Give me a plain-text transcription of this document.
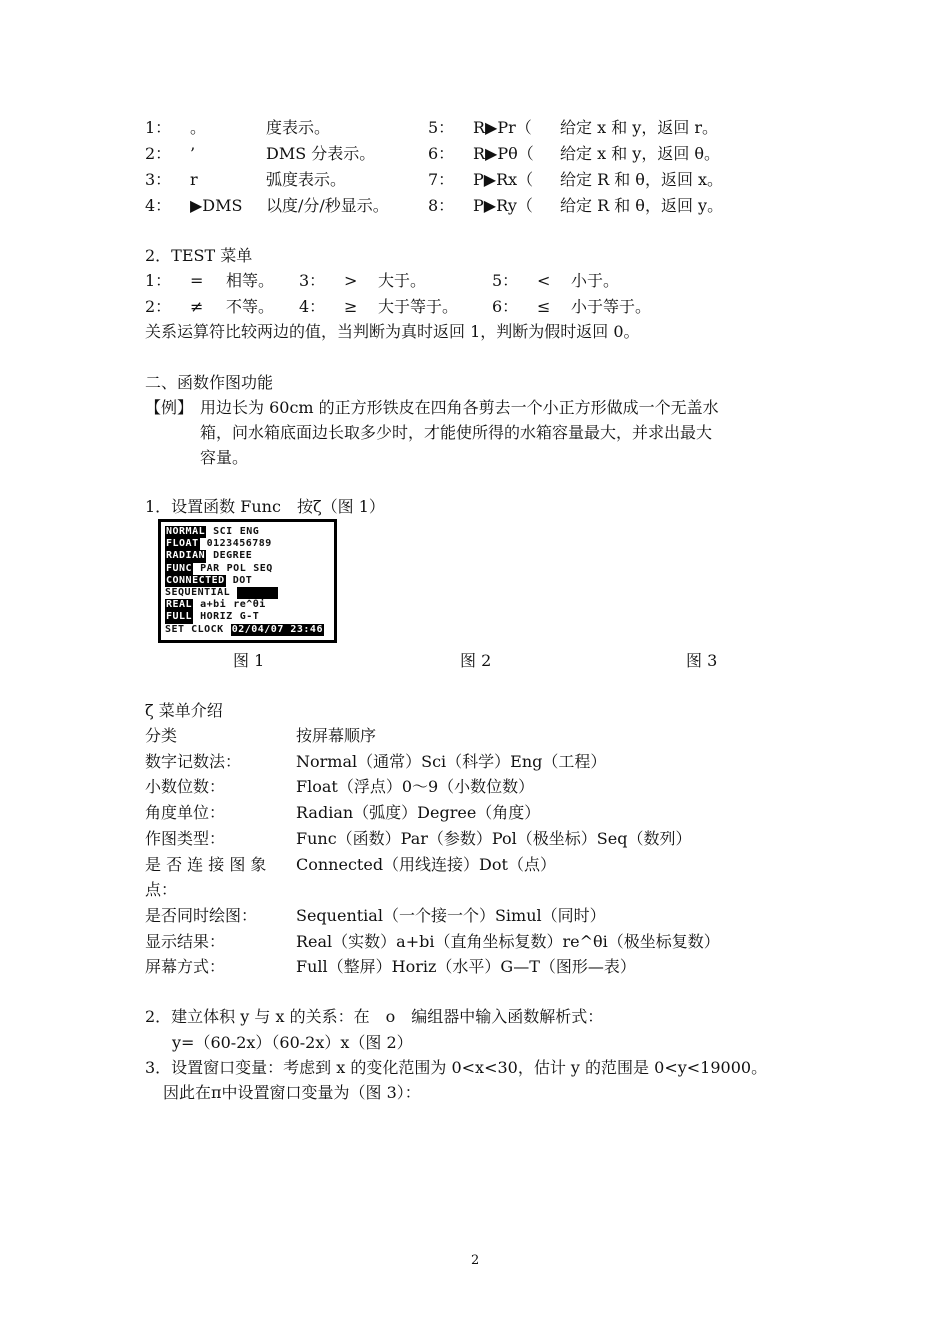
1： 。	度表示。	5： R▶Pr（ 给定 x 和 y，返回 r。
2： ’	DMS 分表示。	6： R▶Pθ（ 给定 x 和 y，返回 θ。
3： r	弧度表示。	7： P▶Rx（ 给定 R 和 θ，返回 x。
4： ▶DMS 以度/分/秒显示。 8： P▶Ry（ 给定 R 和 θ，返回 y。
2．TEST 菜单
1： = 相等。 3： > 大于。	5： < 小于。
2： ≠ 不等。 4： ≥ 大于等于。 6： ≤ 小于等于。
关系运算符比较两边的值，当判断为真时返回 1，判断为假时返回 0。
二、函数作图功能
【例】 用边长为 60cm 的正方形铁皮在四角各剪去一个小正方形做成一个无盖水
箱，问水箱底面边长取多少时，才能使所得的水箱容量最大，并求出最大
容量。
1．设置函数 Func　按ζ（图 1）
NORMAL SCI ENG
FLOAT 0123456789
RADIAN DEGREE
FUNC PAR POL SEQ
CONNECTED DOT
SEQUENTIAL

REAL a+bi re^θi
FULL HORIZ G-T
SET CLOCK 02/04/07 23:46
图 1	图 2	图 3
ζ 菜单介绍
分类	按屏幕顺序
数字记数法：	Normal（通常）Sci（科学）Eng（工程）
小数位数：	Float（浮点）0～9（小数位数）
角度单位：	Radian（弧度）Degree（角度）
作图类型：	Func（函数）Par（参数）Pol（极坐标）Seq（数列）
是 否 连 接 图 象 Connected（用线连接）Dot（点）
点：
是否同时绘图： Sequential（一个接一个）Simul（同时）
显示结果：	Real（实数）a+bi（直角坐标复数）re^θi（极坐标复数）
屏幕方式：	Full（整屏）Horiz（水平）G—T（图形—表）
2．建立体积 y 与 x 的关系：在　o　编组器中输入函数解析式：
y=（60-2x）（60-2x）x（图 2）
3．设置窗口变量：考虑到 x 的变化范围为 0<x<30，估计 y 的范围是 0<y<19000。
因此在π中设置窗口变量为（图 3）：
2
